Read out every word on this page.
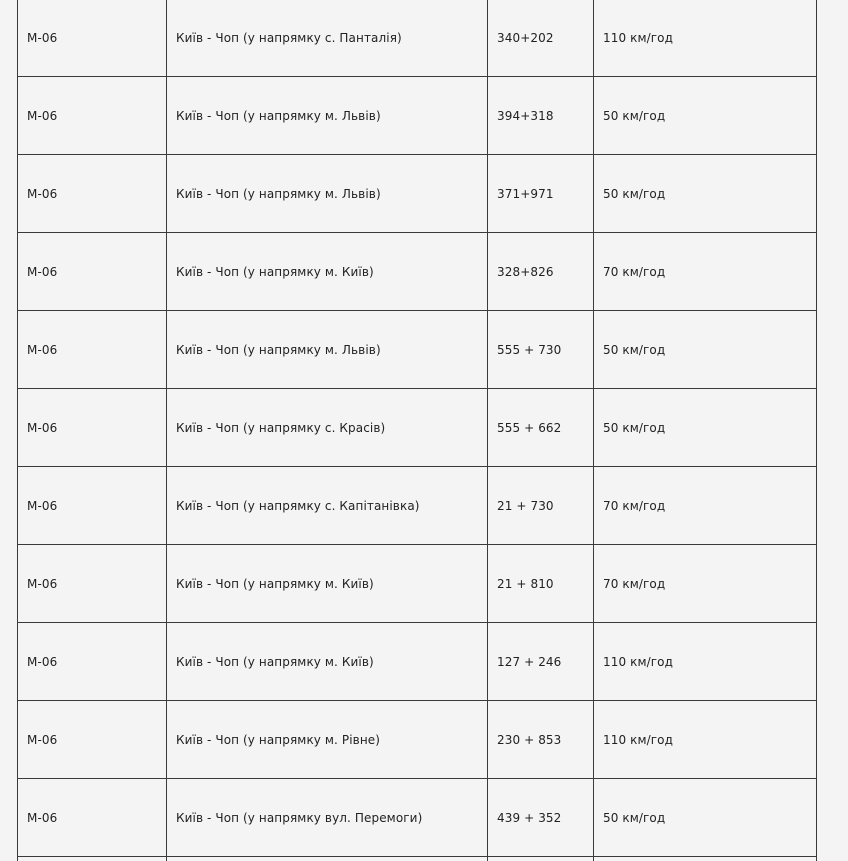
М-06	Київ - Чоп (у напрямку с. Панталія)	340+202	110 км/год
М-06	Київ - Чоп (у напрямку м. Львів)	394+318	50 км/год
М-06	Київ - Чоп (у напрямку м. Львів)	371+971	50 км/год
М-06	Київ - Чоп (у напрямку м. Київ)	328+826	70 км/год
М-06	Київ - Чоп (у напрямку м. Львів)	555 + 730	50 км/год
М-06	Київ - Чоп (у напрямку с. Красів)	555 + 662	50 км/год
М-06	Київ - Чоп (у напрямку с. Капітанівка)	21 + 730	70 км/год
М-06	Київ - Чоп (у напрямку м. Київ)	21 + 810	70 км/год
М-06	Київ - Чоп (у напрямку м. Київ)	127 + 246	110 км/год
М-06	Київ - Чоп (у напрямку м. Рівне)	230 + 853	110 км/год
М-06	Київ - Чоп (у напрямку вул. Перемоги)	439 + 352	50 км/год
